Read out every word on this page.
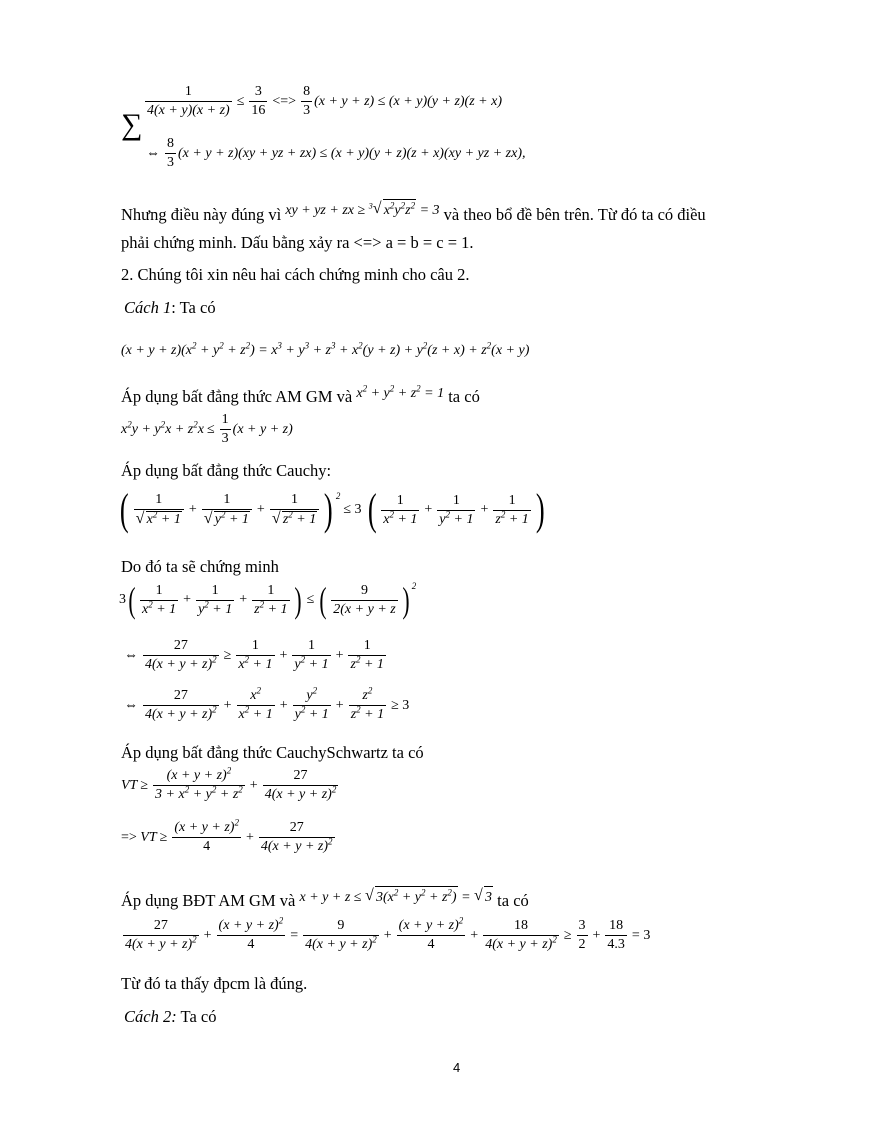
∑
$\frac{1}{4(x + y)(x + z)} \le \frac{3}{16}$ <=> $\frac{8}{3} (x + y + z) \le (x + y)(y + z)(z + x)$
⇔ $\frac{8}{3} (x + y + z)(xy$ + yz + zx) ≤ (x + y)(y + z)(z + x)(xy + yz + zx),
Nhưng điều này đúng vì $^{xy + yz + zx \ge ^3√ x^2y^2z^2 = 3}$ và theo bổ đề bên trên. Từ đó ta có điều
phải chứng minh. Dấu bằng xảy ra <=> a = b = c = 1.
2. Chúng tôi xin nêu hai cách chứng minh cho câu 2.
Cách 1: Ta có
$(x + y + z)(x^2 + y^2 + z^2) = x^3 + y^3 + z^3 + x^2(y + z) + y^2(z + x) + z^2(x + y)$
Áp dụng bất đẳng thức AM GM và $^{x^2 + y^2 + z^2 = 1}$ ta có
$x^2y + y^2x + z^2x \le \frac{1}{3} (x + y + z)$
Áp dụng bất đẳng thức Cauchy:
( 1
√ $x^2 + 1 + 1$
√ $y^2 + 1 + 1$
√ $z^2 + 1$ ) $^2$
≤ 3 ( $\frac{1}{x^2 + 1} + \frac{1}{y^2 + 1} + \frac{1}{z^2 + 1}$ )
Do đó ta sẽ chứng minh
3 ( $\frac{1}{x^2 + 1} + \frac{1}{y^2 + 1} + \frac{1}{z^2 + 1}$ ) ≤ ( $\frac{9}{2(x + y + z}$ ) $^2$
⇔ $\frac{27}{4(x + y + z)^2} \ge \frac{1}{x^2 + 1} + \frac{1}{y^2 + 1} + \frac{1}{z^2 + 1}$
⇔ $\frac{27}{4(x + y + z)^2} + \frac{x^2}{x^2 + 1} + \frac{y^2}{y^2 + 1} + \frac{z^2}{z^2 + 1} \ge 3$
Áp dụng bất đẳng thức CauchySchwartz ta có
VT ≥ $\frac{(x + y + z)^2}{3 + x^2 + y^2 + z^2} + \frac{27}{4(x + y + z)^2}$
=> VT ≥ $\frac{(x + y + z)^2}{4} + \frac{27}{4(x + y + z)^2}$
Áp dụng BĐT AM GM và $^{x + y + z \le √ 3(x^2 + y^2 + z^2) = √ 3}$ ta có
$\frac{27}{4(x + y + z)^2} + \frac{(x + y + z)^2}{4} = \frac{9}{4(x + y + z)^2} + \frac{(x + y + z)^2}{4} + \frac{18}{4(x + y + z)^2} \ge \frac{3}{2} + \frac{18}{4.3} = 3$
Từ đó ta thấy đpcm là đúng.
Cách 2: Ta có
4
